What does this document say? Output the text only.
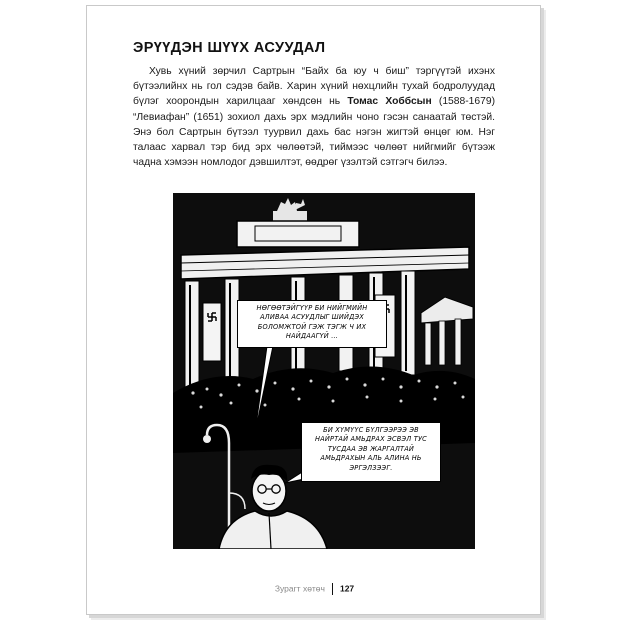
ЭРҮҮДЭН ШҮҮХ АСУУДАЛ

Хувь хүний зөрчил Сартрын “Байх ба юу ч биш” тэргүүтэй ихэнх бүтээлийнх нь гол сэдэв байв. Харин хүний нөхцлийн тухай бодролуудад бүлэг хоорондын харилцааг хөндсөн нь Томас Хоббсын (1588-1679) “Левиафан” (1651) зохиол дахь эрх мэдлийн чоно гэсэн санаатай төстэй. Энэ бол Сартрын бүтээл туурвил дахь бас нэгэн жигтэй өнцөг юм. Нэг талаас харвал тэр бид эрх чөлөөтэй, тиймээс чөлөөт нийгмийг бүтээж чадна хэмээн номлодог дэвшилтэт, өөдрөг үзэлтэй сэтгэгч билээ.

НӨГӨӨТЭЙГҮҮР БИ НИЙГМИЙН АЛИВАА АСУУДЛЫГ ШИЙДЭХ БОЛОМЖТОЙ ГЭЖ ТЭГЖ Ч ИХ НАЙДААГҮЙ ...
БИ ХҮМҮҮС БҮЛГЭЭРЭЭ ЭВ НАЙРТАЙ АМЬДРАХ ЭСВЭЛ ТУС ТУСДАА ЭВ ЖАРГАЛТАЙ АМЬДРАХЫН АЛЬ АЛИНА НЬ ЭРГЭЛЗЭЭГ.
Зурагт хөтөч 127
